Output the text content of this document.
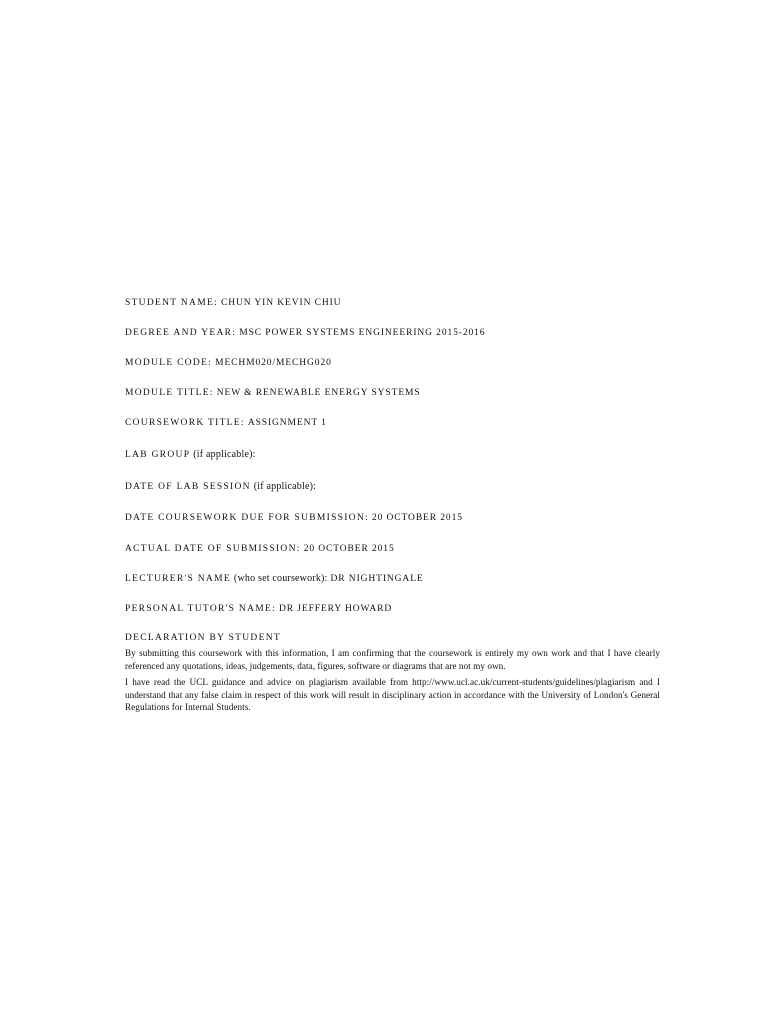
STUDENT NAME: CHUN YIN KEVIN CHIU
DEGREE AND YEAR: MSC POWER SYSTEMS ENGINEERING 2015-2016
MODULE CODE: MECHM020/MECHG020
MODULE TITLE: NEW & RENEWABLE ENERGY SYSTEMS
COURSEWORK TITLE: ASSIGNMENT 1
LAB GROUP (if applicable):
DATE OF LAB SESSION (if applicable):
DATE COURSEWORK DUE FOR SUBMISSION: 20 OCTOBER 2015
ACTUAL DATE OF SUBMISSION: 20 OCTOBER 2015
LECTURER'S NAME (who set coursework): DR NIGHTINGALE
PERSONAL TUTOR'S NAME: DR JEFFERY HOWARD
DECLARATION BY STUDENT
By submitting this coursework with this information, I am confirming that the coursework is entirely my own work and that I have clearly referenced any quotations, ideas, judgements, data, figures, software or diagrams that are not my own.
I have read the UCL guidance and advice on plagiarism available from http://www.ucl.ac.uk/current-students/guidelines/plagiarism and I understand that any false claim in respect of this work will result in disciplinary action in accordance with the University of London's General Regulations for Internal Students.
